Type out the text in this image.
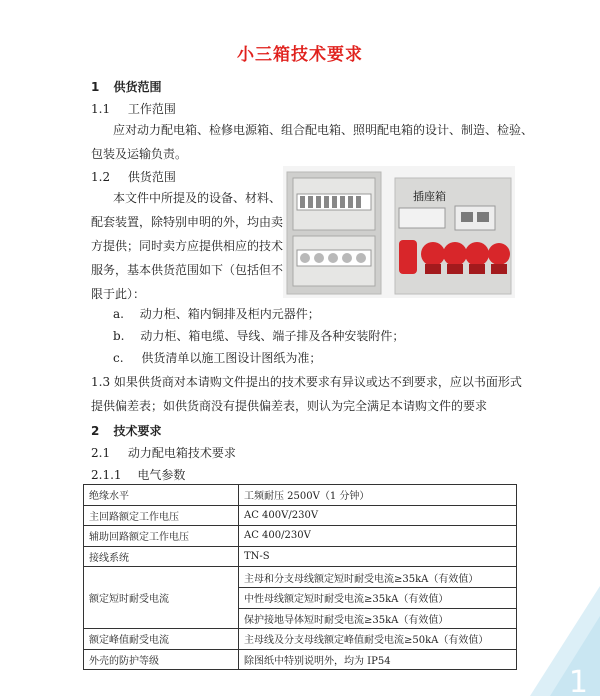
小三箱技术要求
1 供货范围
1.1 工作范围
应对动力配电箱、检修电源箱、组合配电箱、照明配电箱的设计、制造、检验、
包装及运输负责。
1.2 供货范围
本文件中所提及的设备、材料、
配套装置，除特别申明的外，均由卖
方提供；同时卖方应提供相应的技术
服务，基本供货范围如下（包括但不
限于此）：
插座箱
a. 动力柜、箱内铜排及柜内元器件；
b. 动力柜、箱电缆、导线、端子排及各种安装附件；
c. 供货清单以施工图设计图纸为准；
1.3 如果供货商对本请购文件提出的技术要求有异议或达不到要求，应以书面形式
提供偏差表；如供货商没有提供偏差表，则认为完全满足本请购文件的要求
2 技术要求
2.1 动力配电箱技术要求
2.1.1 电气参数
绝缘水平	工频耐压 2500V（1 分钟）
主回路额定工作电压	AC 400V/230V
辅助回路额定工作电压	AC 400/230V
接线系统	TN-S
额定短时耐受电流	主母和分支母线额定短时耐受电流≥35kA（有效值）
	中性母线额定短时耐受电流≥35kA（有效值）
	保护接地导体短时耐受电流≥35kA（有效值）
额定峰值耐受电流	主母线及分支母线额定峰值耐受电流≥50kA（有效值）
外壳的防护等级	除图纸中特别说明外，均为 IP54
1
